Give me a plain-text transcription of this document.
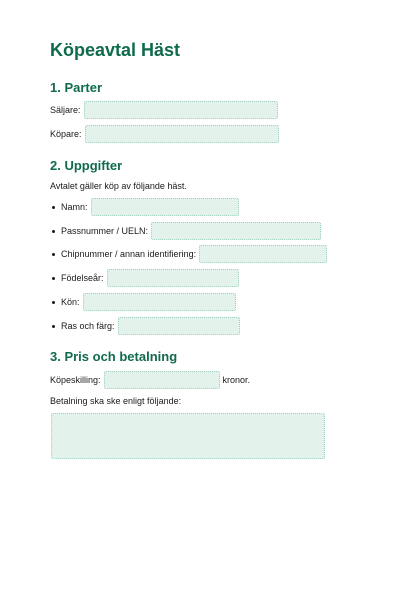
Köpeavtal Häst
1. Parter
Säljare:
Köpare:
2. Uppgifter

Avtalet gäller köp av följande häst.

Namn:
Passnummer / UELN:
Chipnummer / annan identifiering:
Födelseår:
Kön:
Ras och färg:
3. Pris och betalning
Köpeskilling:	kronor.

Betalning ska ske enligt följande:
